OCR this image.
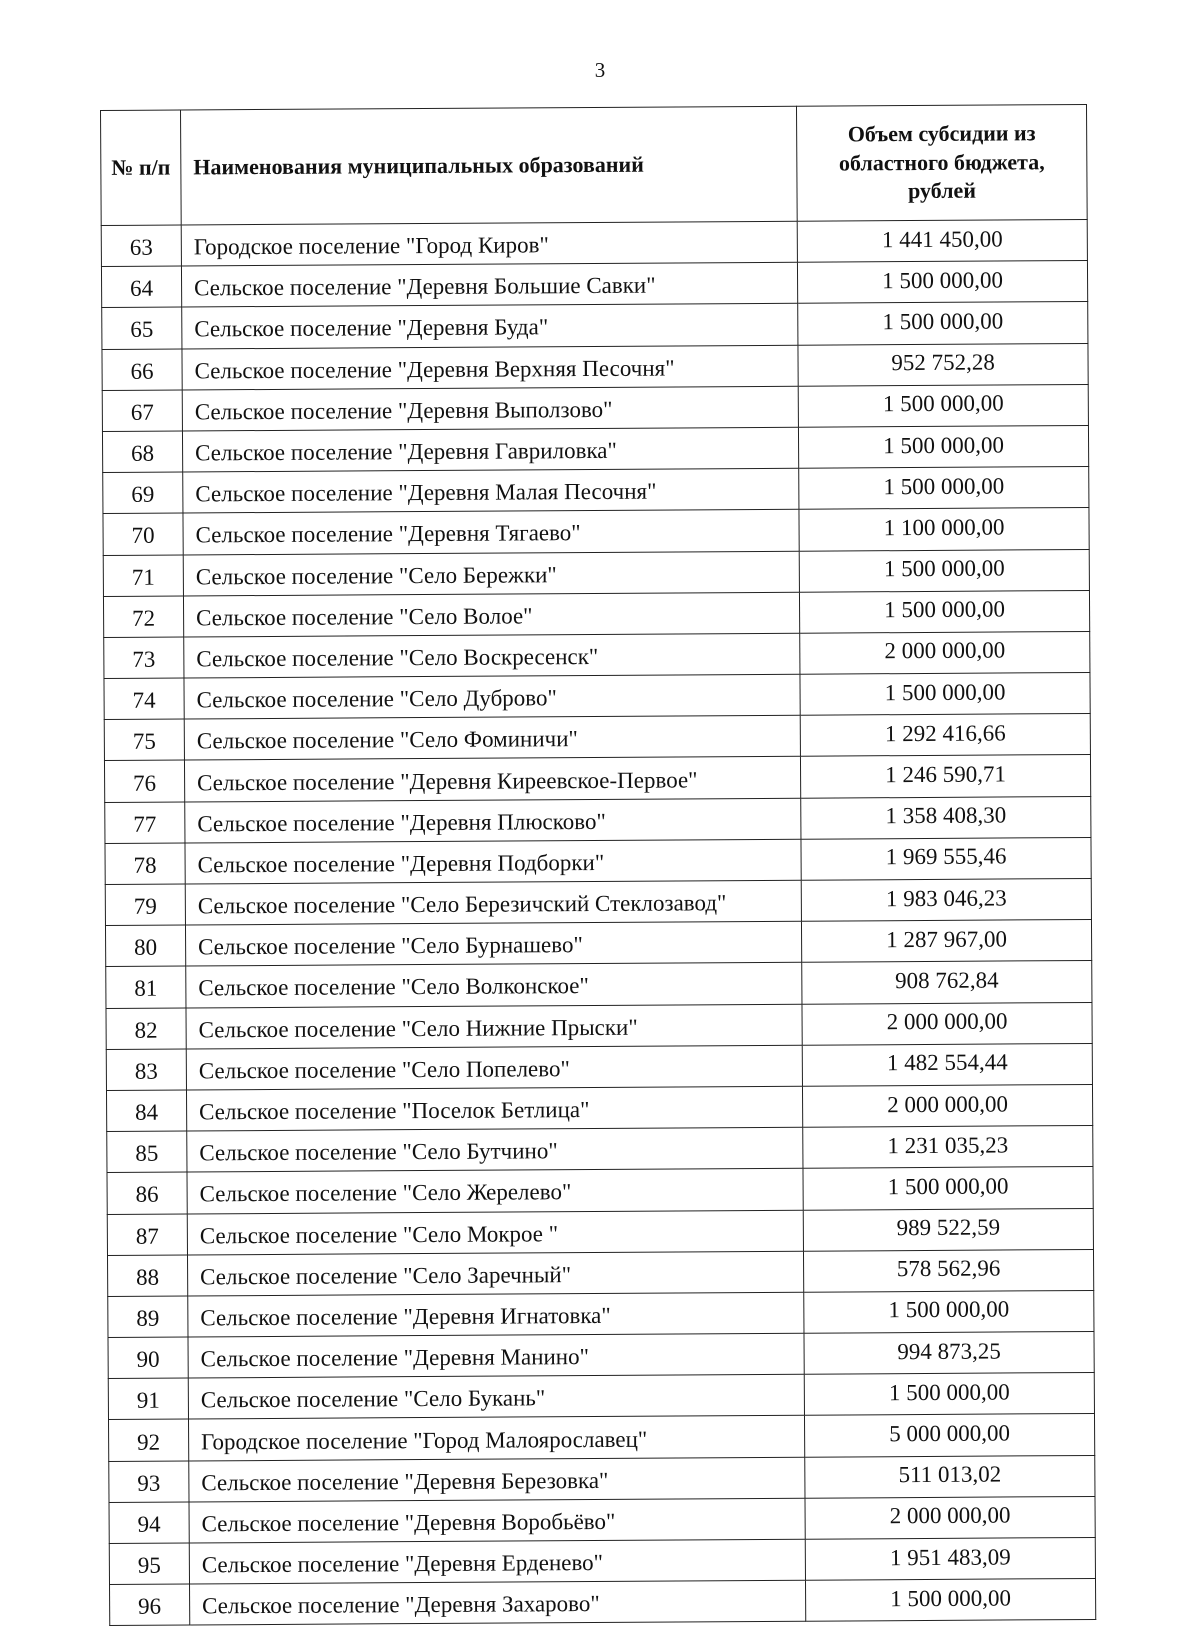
3
№ п/п	Наименования муниципальных образований	Объем субсидии из областного бюджета, рублей
63	Городское поселение "Город Киров"	1 441 450,00
64	Сельское поселение "Деревня Большие Савки"	1 500 000,00
65	Сельское поселение "Деревня Буда"	1 500 000,00
66	Сельское поселение "Деревня Верхняя Песочня"	952 752,28
67	Сельское поселение "Деревня Выползово"	1 500 000,00
68	Сельское поселение "Деревня Гавриловка"	1 500 000,00
69	Сельское поселение "Деревня Малая Песочня"	1 500 000,00
70	Сельское поселение "Деревня Тягаево"	1 100 000,00
71	Сельское поселение "Село Бережки"	1 500 000,00
72	Сельское поселение "Село Волое"	1 500 000,00
73	Сельское поселение "Село Воскресенск"	2 000 000,00
74	Сельское поселение "Село Дуброво"	1 500 000,00
75	Сельское поселение "Село Фоминичи"	1 292 416,66
76	Сельское поселение "Деревня Киреевское-Первое"	1 246 590,71
77	Сельское поселение "Деревня Плюсково"	1 358 408,30
78	Сельское поселение "Деревня Подборки"	1 969 555,46
79	Сельское поселение "Село Березичский Стеклозавод"	1 983 046,23
80	Сельское поселение "Село Бурнашево"	1 287 967,00
81	Сельское поселение "Село Волконское"	908 762,84
82	Сельское поселение "Село Нижние Прыски"	2 000 000,00
83	Сельское поселение "Село Попелево"	1 482 554,44
84	Сельское поселение "Поселок Бетлица"	2 000 000,00
85	Сельское поселение "Село Бутчино"	1 231 035,23
86	Сельское поселение "Село Жерелево"	1 500 000,00
87	Сельское поселение "Село Мокрое "	989 522,59
88	Сельское поселение "Село Заречный"	578 562,96
89	Сельское поселение "Деревня Игнатовка"	1 500 000,00
90	Сельское поселение "Деревня Манино"	994 873,25
91	Сельское поселение "Село Букань"	1 500 000,00
92	Городское поселение "Город Малоярославец"	5 000 000,00
93	Сельское поселение "Деревня Березовка"	511 013,02
94	Сельское поселение "Деревня Воробьёво"	2 000 000,00
95	Сельское поселение "Деревня Ерденево"	1 951 483,09
96	Сельское поселение "Деревня Захарово"	1 500 000,00
